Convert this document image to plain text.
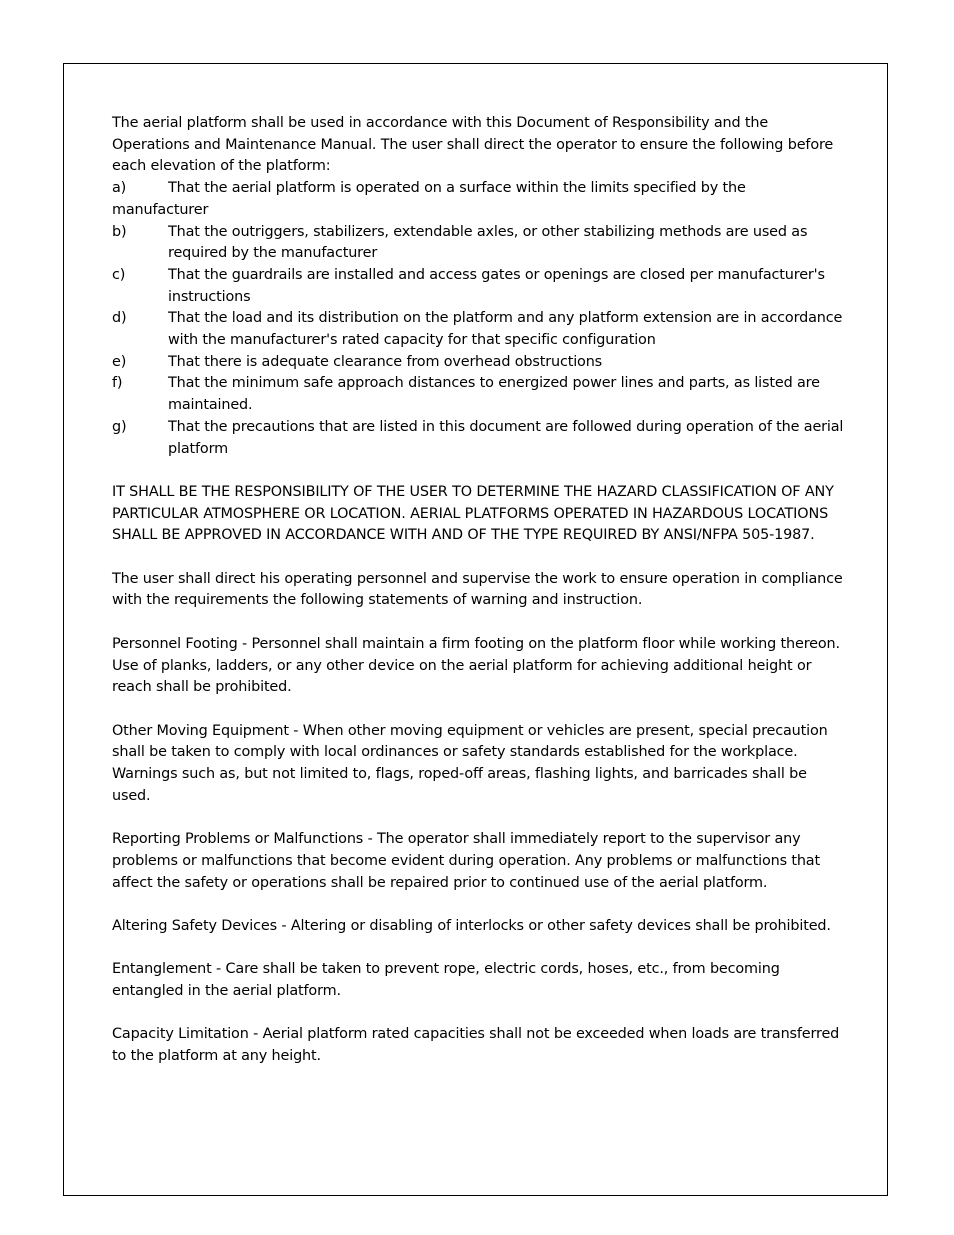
The aerial platform shall be used in accordance with this Document of Responsibility and the Operations and Maintenance Manual. The user shall direct the operator to ensure the following before each elevation of the platform:

a)	That the aerial platform is operated on a surface within the limits specified by the manufacturer
b)	That the outriggers, stabilizers, extendable axles, or other stabilizing methods are used as required by the manufacturer
c)	That the guardrails are installed and access gates or openings are closed per manufacturer's instructions
d)	That the load and its distribution on the platform and any platform extension are in accordance with the manufacturer's rated capacity for that specific configuration
e)	That there is adequate clearance from overhead obstructions
f)	That the minimum safe approach distances to energized power lines and parts, as listed are maintained.
g)	That the precautions that are listed in this document are followed during operation of the aerial platform

IT SHALL BE THE RESPONSIBILITY OF THE USER TO DETERMINE THE HAZARD CLASSIFICATION OF ANY PARTICULAR ATMOSPHERE OR LOCATION. AERIAL PLATFORMS OPERATED IN HAZARDOUS LOCATIONS SHALL BE APPROVED IN ACCORDANCE WITH AND OF THE TYPE REQUIRED BY ANSI/NFPA 505-1987.

The user shall direct his operating personnel and supervise the work to ensure operation in compliance with the requirements the following statements of warning and instruction.

Personnel Footing - Personnel shall maintain a firm footing on the platform floor while working thereon. Use of planks, ladders, or any other device on the aerial platform for achieving additional height or reach shall be prohibited.

Other Moving Equipment - When other moving equipment or vehicles are present, special precaution shall be taken to comply with local ordinances or safety standards established for the workplace. Warnings such as, but not limited to, flags, roped-off areas, flashing lights, and barricades shall be used.

Reporting Problems or Malfunctions - The operator shall immediately report to the supervisor any problems or malfunctions that become evident during operation. Any problems or malfunctions that affect the safety or operations shall be repaired prior to continued use of the aerial platform.

Altering Safety Devices - Altering or disabling of interlocks or other safety devices shall be prohibited.

Entanglement - Care shall be taken to prevent rope, electric cords, hoses, etc., from becoming entangled in the aerial platform.

Capacity Limitation - Aerial platform rated capacities shall not be exceeded when loads are transferred to the platform at any height.
